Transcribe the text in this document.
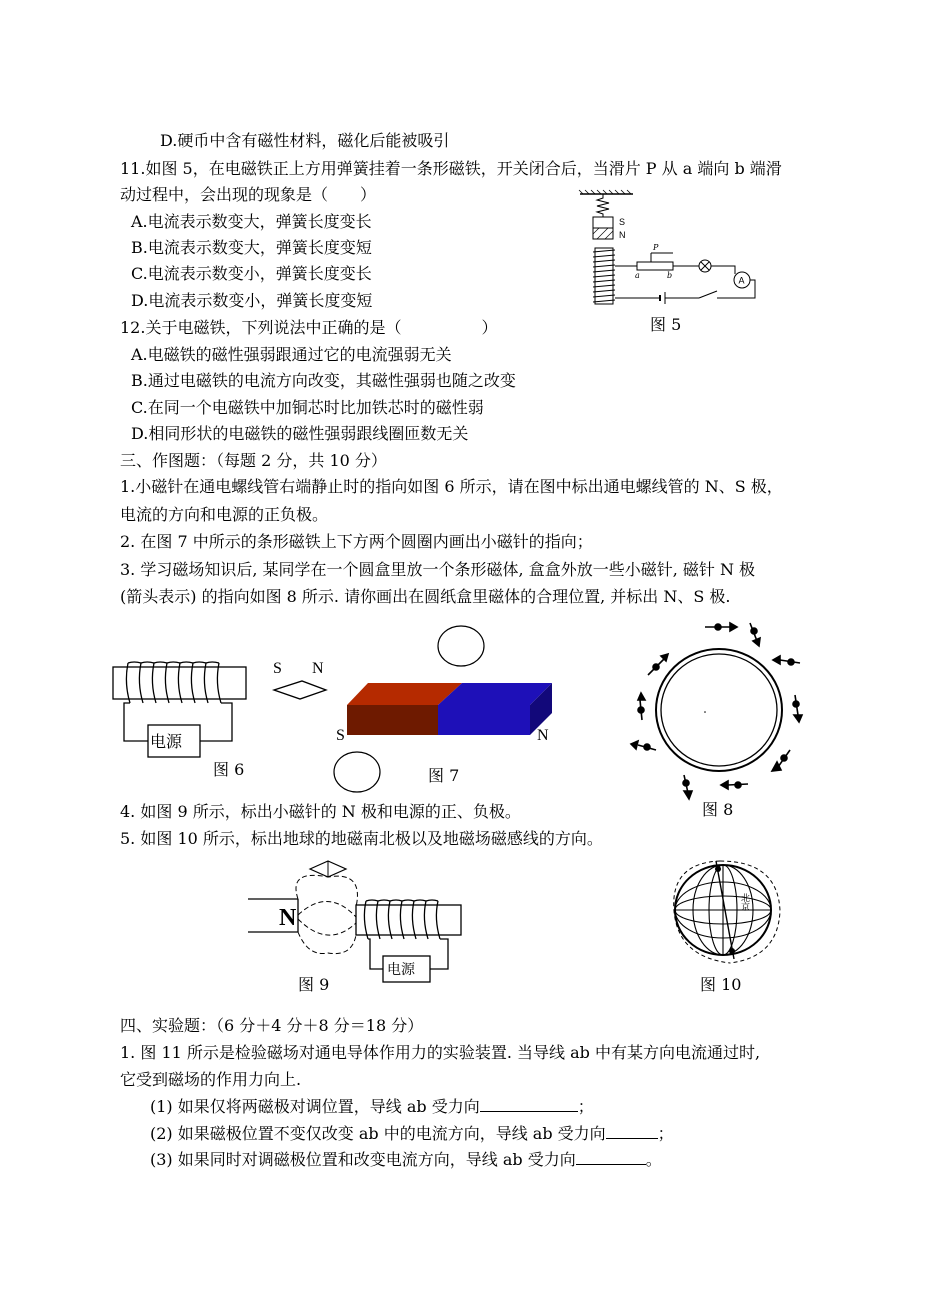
D.硬币中含有磁性材料，磁化后能被吸引
11.如图 5，在电磁铁正上方用弹簧挂着一条形磁铁，开关闭合后，当滑片 P 从 a 端向 b 端滑
动过程中，会出现的现象是（　　）
A.电流表示数变大，弹簧长度变长
B.电流表示数变大，弹簧长度变短
C.电流表示数变小，弹簧长度变长
D.电流表示数变小，弹簧长度变短
S
N
P
a	b	A
图 5
12.关于电磁铁，下列说法中正确的是（　　　　　）
A.电磁铁的磁性强弱跟通过它的电流强弱无关
B.通过电磁铁的电流方向改变，其磁性强弱也随之改变
C.在同一个电磁铁中加铜芯时比加铁芯时的磁性弱
D.相同形状的电磁铁的磁性强弱跟线圈匝数无关
三、作图题：（每题 2 分，共 10 分）
1.小磁针在通电螺线管右端静止时的指向如图 6 所示，请在图中标出通电螺线管的 N、S 极，
电流的方向和电源的正负极。
2. 在图 7 中所示的条形磁铁上下方两个圆圈内画出小磁针的指向；
3. 学习磁场知识后, 某同学在一个圆盒里放一个条形磁体, 盒盒外放一些小磁针, 磁针 N 极
(箭头表示) 的指向如图 8 所示. 请你画出在圆纸盒里磁体的合理位置, 并标出 N、S 极.
电源
S N
图 6
S	N
图 7
图 8
4. 如图 9 所示，标出小磁针的 N 极和电源的正、负极。
5. 如图 10 所示，标出地球的地磁南北极以及地磁场磁感线的方向。
N
电源
图 9
北京
图 10
四、实验题：（6 分＋4 分＋8 分＝18 分）
1. 图 11 所示是检验磁场对通电导体作用力的实验装置. 当导线 ab 中有某方向电流通过时,
它受到磁场的作用力向上.
(1) 如果仅将两磁极对调位置，导线 ab 受力向	；
(2) 如果磁极位置不变仅改变 ab 中的电流方向，导线 ab 受力向	；
(3) 如果同时对调磁极位置和改变电流方向，导线 ab 受力向	。
